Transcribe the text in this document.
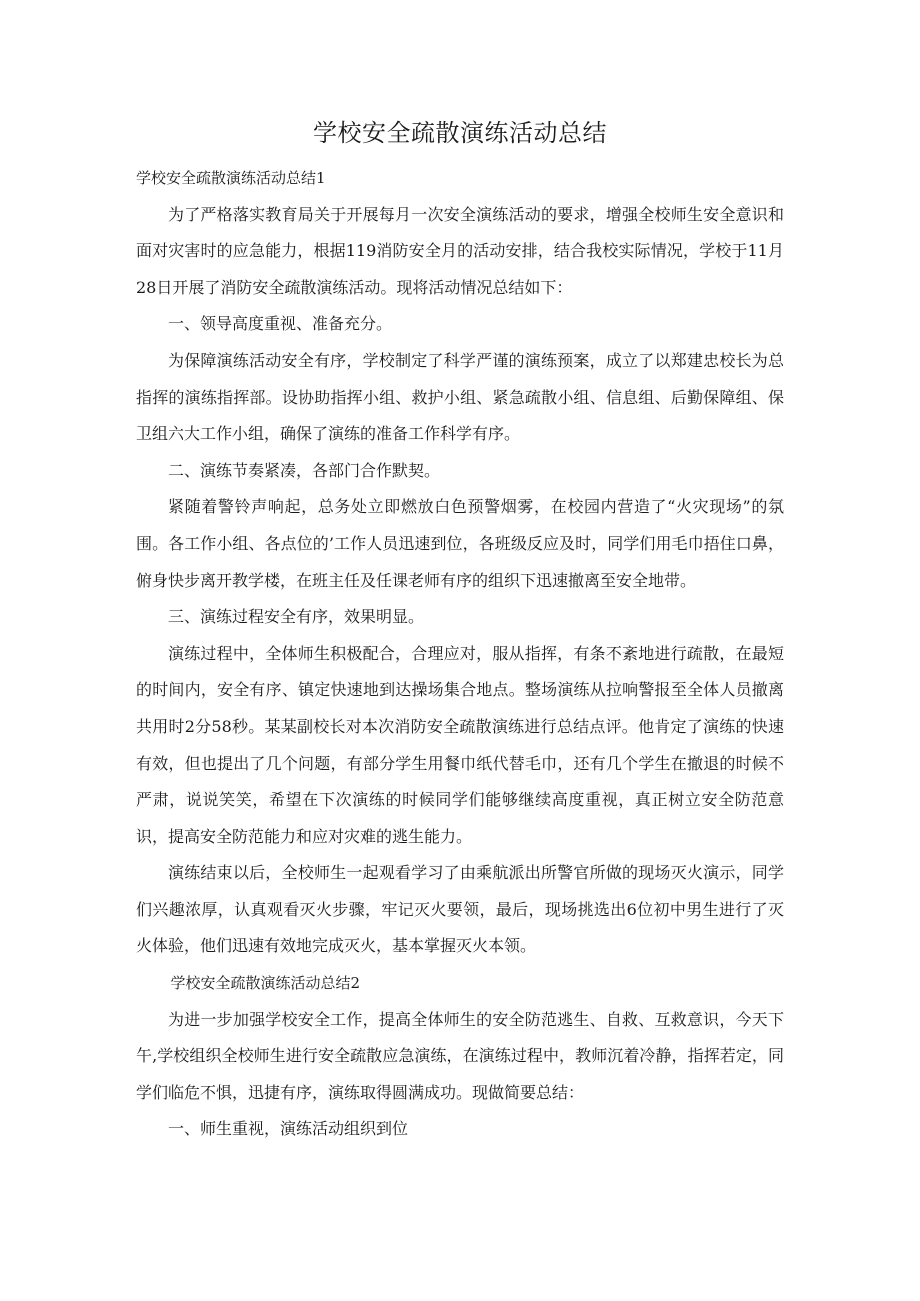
学校安全疏散演练活动总结

学校安全疏散演练活动总结1

为了严格落实教育局关于开展每月一次安全演练活动的要求，增强全校师生安全意识和面对灾害时的应急能力，根据119消防安全月的活动安排，结合我校实际情况，学校于11月28日开展了消防安全疏散演练活动。现将活动情况总结如下：

一、领导高度重视、准备充分。

为保障演练活动安全有序，学校制定了科学严谨的演练预案，成立了以郑建忠校长为总指挥的演练指挥部。设协助指挥小组、救护小组、紧急疏散小组、信息组、后勤保障组、保卫组六大工作小组，确保了演练的准备工作科学有序。

二、演练节奏紧凑，各部门合作默契。

紧随着警铃声响起，总务处立即燃放白色预警烟雾，在校园内营造了“火灾现场”的氛围。各工作小组、各点位的’工作人员迅速到位，各班级反应及时，同学们用毛巾捂住口鼻，俯身快步离开教学楼，在班主任及任课老师有序的组织下迅速撤离至安全地带。

三、演练过程安全有序，效果明显。

演练过程中，全体师生积极配合，合理应对，服从指挥，有条不紊地进行疏散，在最短的时间内，安全有序、镇定快速地到达操场集合地点。整场演练从拉响警报至全体人员撤离共用时2分58秒。某某副校长对本次消防安全疏散演练进行总结点评。他肯定了演练的快速有效，但也提出了几个问题，有部分学生用餐巾纸代替毛巾，还有几个学生在撤退的时候不严肃，说说笑笑，希望在下次演练的时候同学们能够继续高度重视，真正树立安全防范意识，提高安全防范能力和应对灾难的逃生能力。

演练结束以后，全校师生一起观看学习了由乘航派出所警官所做的现场灭火演示，同学们兴趣浓厚，认真观看灭火步骤，牢记灭火要领，最后，现场挑选出6位初中男生进行了灭火体验，他们迅速有效地完成灭火，基本掌握灭火本领。

学校安全疏散演练活动总结2

为进一步加强学校安全工作，提高全体师生的安全防范逃生、自救、互救意识，今天下午,学校组织全校师生进行安全疏散应急演练，在演练过程中，教师沉着冷静，指挥若定，同学们临危不惧，迅捷有序，演练取得圆满成功。现做简要总结：

一、师生重视，演练活动组织到位
